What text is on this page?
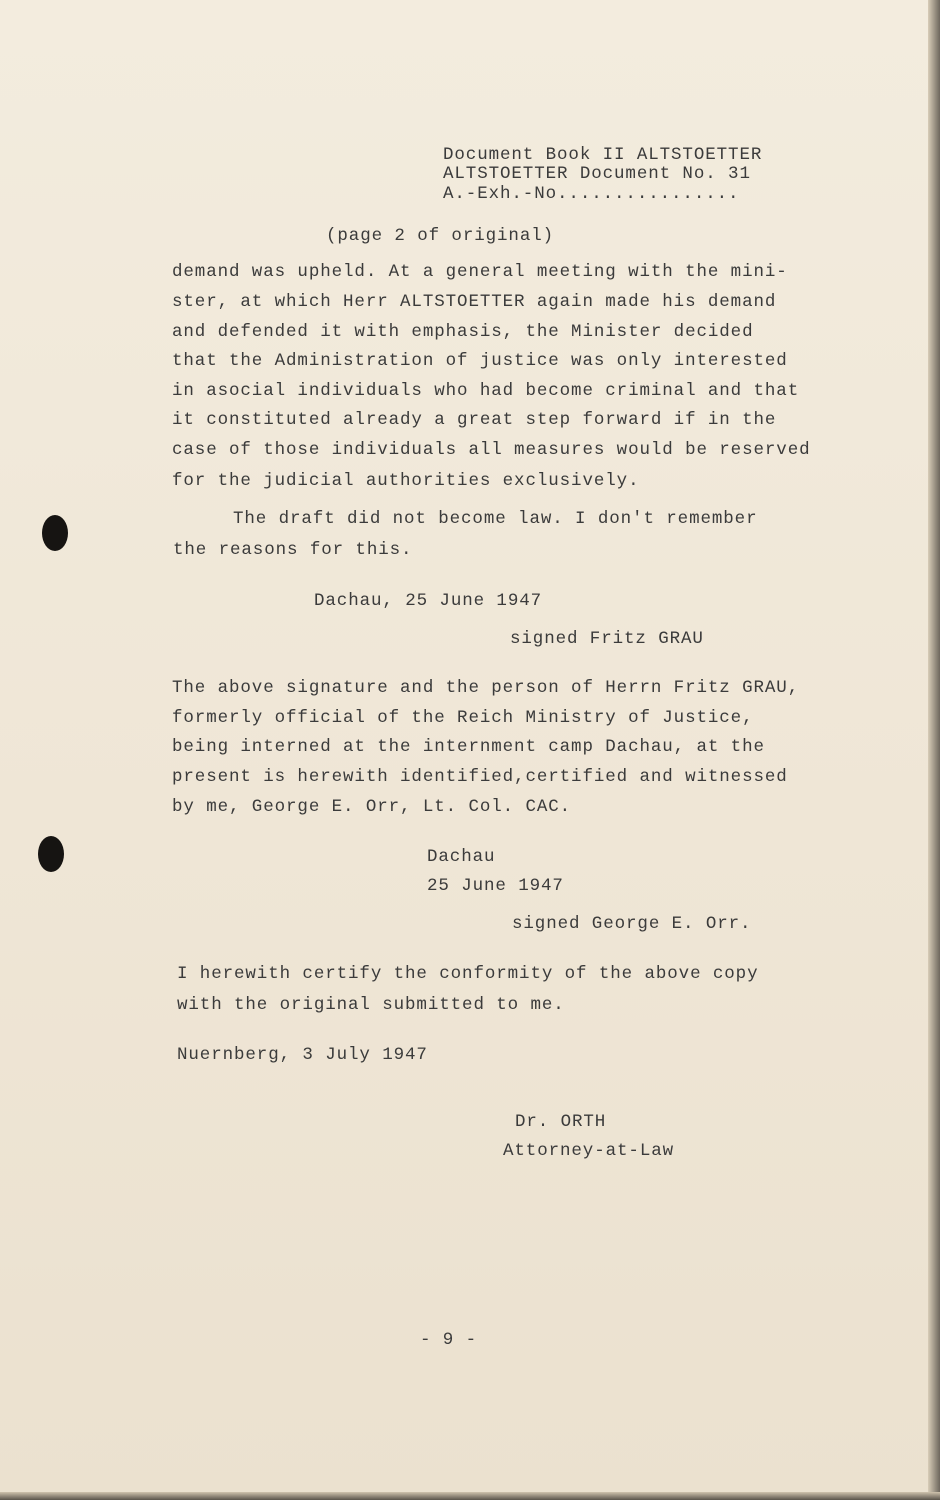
Document Book II ALTSTOETTER
ALTSTOETTER Document No. 31
A.-Exh.-No................
(page 2 of original)
demand was upheld. At a general meeting with the mini-
ster, at which Herr ALTSTOETTER again made his demand
and defended it with emphasis, the Minister decided
that the Administration of justice was only interested
in asocial individuals who had become criminal and that
it constituted already a great step forward if in the
case of those individuals all measures would be reserved
for the judicial authorities exclusively.
The draft did not become law. I don't remember
the reasons for this.
Dachau, 25 June 1947
signed Fritz GRAU
The above signature and the person of Herrn Fritz GRAU,
formerly official of the Reich Ministry of Justice,
being interned at the internment camp Dachau, at the
present is herewith identified,certified and witnessed
by me, George E. Orr, Lt. Col. CAC.
Dachau
25 June 1947
signed George E. Orr.
I herewith certify the conformity of the above copy
with the original submitted to me.
Nuernberg, 3 July 1947
Dr. ORTH
Attorney-at-Law
- 9 -
